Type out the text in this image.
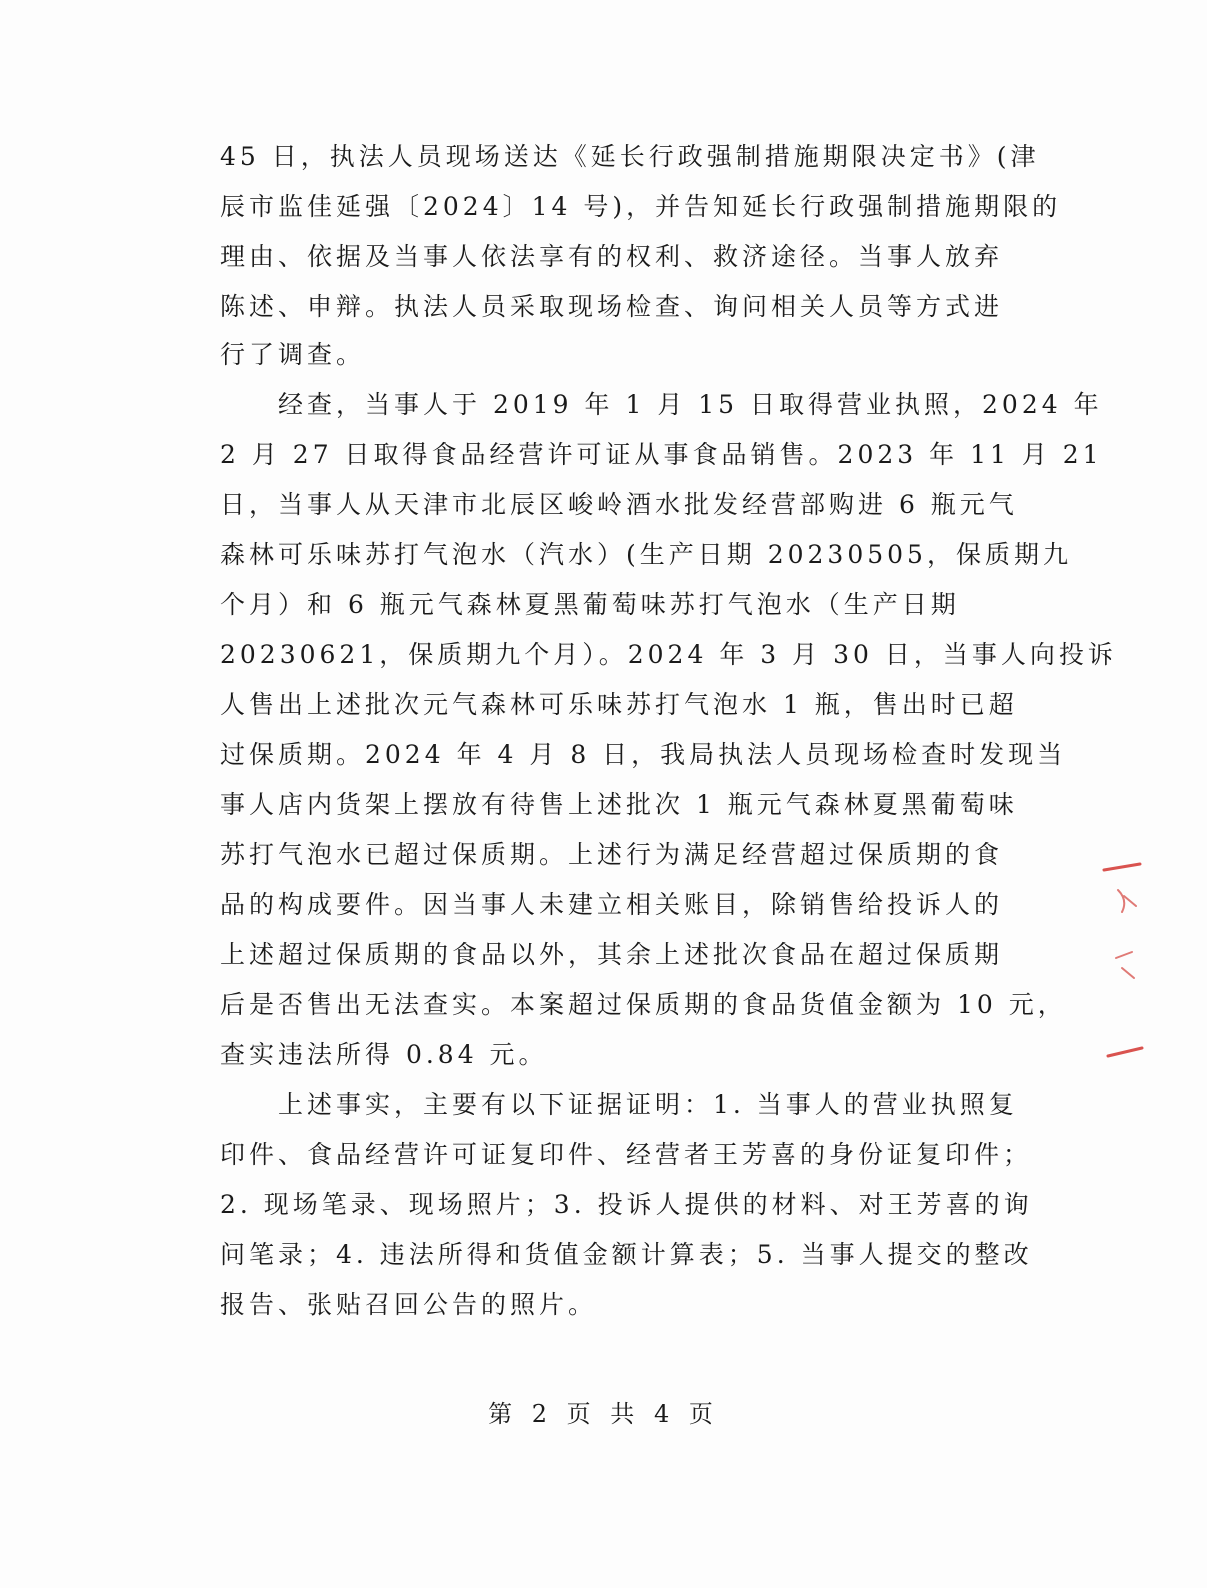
45 日，执法人员现场送达《延长行政强制措施期限决定书》(津
辰市监佳延强〔2024〕14 号)，并告知延长行政强制措施期限的
理由、依据及当事人依法享有的权利、救济途径。当事人放弃
陈述、申辩。执法人员采取现场检查、询问相关人员等方式进
行了调查。
经查，当事人于 2019 年 1 月 15 日取得营业执照，2024 年
2 月 27 日取得食品经营许可证从事食品销售。2023 年 11 月 21
日，当事人从天津市北辰区峻岭酒水批发经营部购进 6 瓶元气
森林可乐味苏打气泡水（汽水）(生产日期 20230505，保质期九
个月）和 6 瓶元气森林夏黑葡萄味苏打气泡水（生产日期
20230621，保质期九个月）。2024 年 3 月 30 日，当事人向投诉
人售出上述批次元气森林可乐味苏打气泡水 1 瓶，售出时已超
过保质期。2024 年 4 月 8 日，我局执法人员现场检查时发现当
事人店内货架上摆放有待售上述批次 1 瓶元气森林夏黑葡萄味
苏打气泡水已超过保质期。上述行为满足经营超过保质期的食
品的构成要件。因当事人未建立相关账目，除销售给投诉人的
上述超过保质期的食品以外，其余上述批次食品在超过保质期
后是否售出无法查实。本案超过保质期的食品货值金额为 10 元，
查实违法所得 0.84 元。
上述事实，主要有以下证据证明：1. 当事人的营业执照复
印件、食品经营许可证复印件、经营者王芳喜的身份证复印件；
2. 现场笔录、现场照片；3. 投诉人提供的材料、对王芳喜的询
问笔录；4. 违法所得和货值金额计算表；5. 当事人提交的整改
报告、张贴召回公告的照片。
第 2 页 共 4 页
